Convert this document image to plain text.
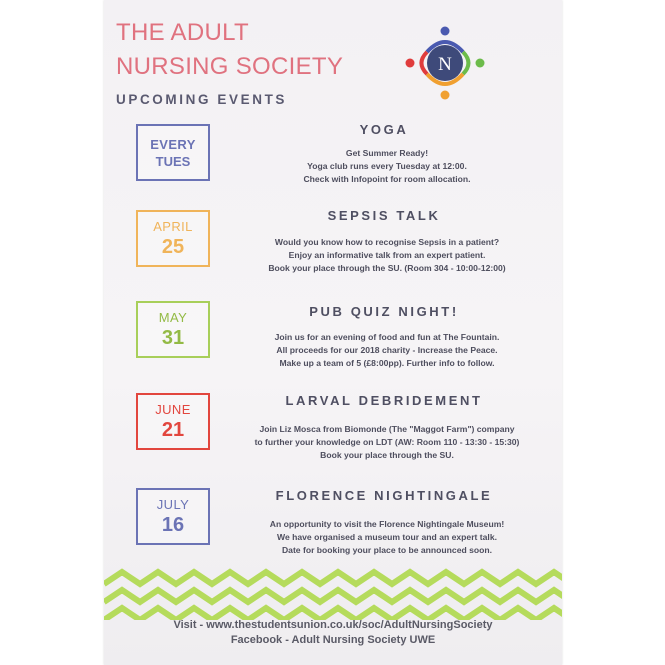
THE ADULT
NURSING SOCIETY	N
UPCOMING EVENTS
EVERY
TUES
YOGA
Get Summer Ready!
Yoga club runs every Tuesday at 12:00.
Check with Infopoint for room allocation.
APRIL
25
SEPSIS TALK
Would you know how to recognise Sepsis in a patient?
Enjoy an informative talk from an expert patient.
Book your place through the SU. (Room 304 - 10:00-12:00)
MAY
31
PUB QUIZ NIGHT!
Join us for an evening of food and fun at The Fountain.
All proceeds for our 2018 charity - Increase the Peace.
Make up a team of 5 (£8:00pp). Further info to follow.
JUNE
21
LARVAL DEBRIDEMENT
Join Liz Mosca from Biomonde (The "Maggot Farm") company
to further your knowledge on LDT (AW: Room 110 - 13:30 - 15:30)
Book your place through the SU.
JULY
16
FLORENCE NIGHTINGALE
An opportunity to visit the Florence Nightingale Museum!
We have organised a museum tour and an expert talk.
Date for booking your place to be announced soon.
Visit - www.thestudentsunion.co.uk/soc/AdultNursingSociety
Facebook - Adult Nursing Society UWE
